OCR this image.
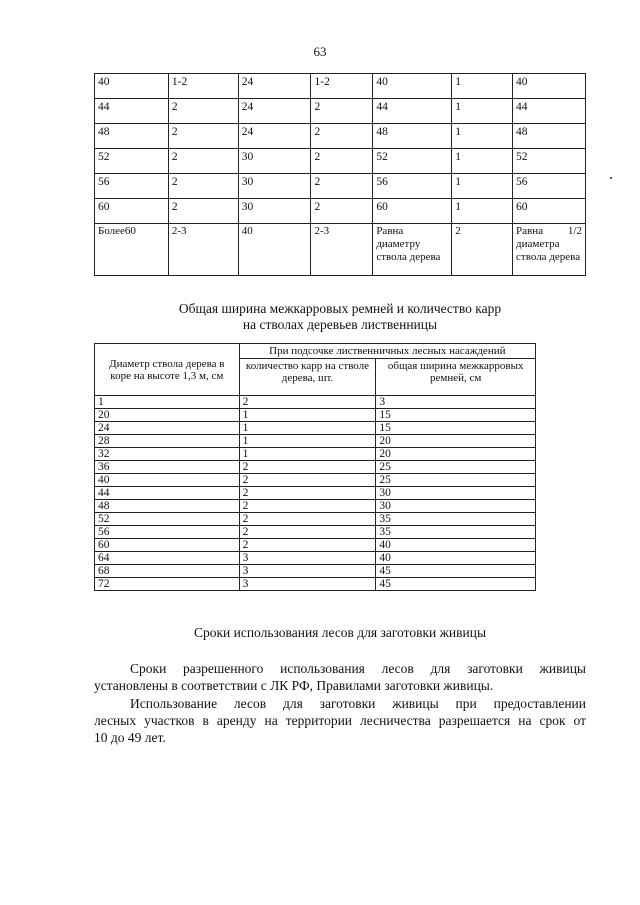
63
40	1-2	24	1-2	40	1	40
44	2	24	2	44	1	44
48	2	24	2	48	1	48
52	2	30	2	52	1	52
56	2	30	2	56	1	56
60	2	30	2	60	1	60
Более60	2-3	40	2-3	Равна диаметру ствола дерева	2	Равна 1/2 диаметра ствола дерева
Общая ширина межкарровых ремней и количество карр
на стволах деревьев лиственницы
Диаметр ствола дерева в коре на высоте 1,3 м, см	При подсочке лиственничных лесных насаждений	
	количество карр на стволе дерева, шт.	общая ширина межкарровых ремней, см
1	2	3
20	1	15
24	1	15
28	1	20
32	1	20
36	2	25
40	2	25
44	2	30
48	2	30
52	2	35
56	2	35
60	2	40
64	3	40
68	3	45
72	3	45
Сроки использования лесов для заготовки живицы
Сроки разрешенного использования лесов для заготовки живицы
установлены в соответствии с ЛК РФ, Правилами заготовки живицы.
Использование лесов для заготовки живицы при предоставлении
лесных участков в аренду на территории лесничества разрешается на срок от
10 до 49 лет.
